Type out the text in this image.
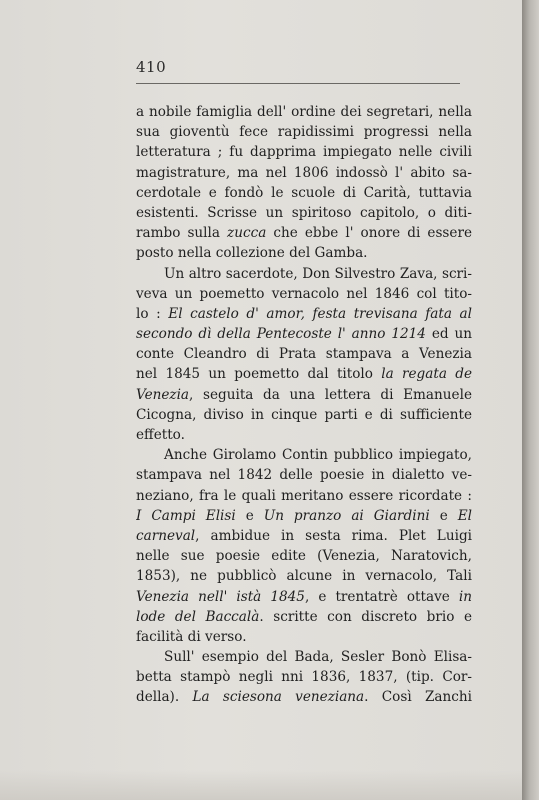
410
a nobile famiglia dell' ordine dei segretari, nella
sua gioventù fece rapidissimi progressi nella
letteratura ; fu dapprima impiegato nelle civili
magistrature, ma nel 1806 indossò l' abito sa-
cerdotale e fondò le scuole di Carità, tuttavia
esistenti. Scrisse un spiritoso capitolo, o diti-
rambo sulla zucca che ebbe l' onore di essere
posto nella collezione del Gamba.
Un altro sacerdote, Don Silvestro Zava, scri-
veva un poemetto vernacolo nel 1846 col tito-
lo : El castelo d' amor, festa trevisana fata al
secondo dì della Pentecoste l' anno 1214 ed un
conte Cleandro di Prata stampava a Venezia
nel 1845 un poemetto dal titolo la regata de
Venezia, seguita da una lettera di Emanuele
Cicogna, diviso in cinque parti e di sufficiente
effetto.
Anche Girolamo Contin pubblico impiegato,
stampava nel 1842 delle poesie in dialetto ve-
neziano, fra le quali meritano essere ricordate :
I Campi Elisi e Un pranzo ai Giardini e El
carneval, ambidue in sesta rima. Plet Luigi
nelle sue poesie edite (Venezia, Naratovich,
1853), ne pubblicò alcune in vernacolo, Tali
Venezia nell' istà 1845, e trentatrè ottave in
lode del Baccalà. scritte con discreto brio e
facilità di verso.
Sull' esempio del Bada, Sesler Bonò Elisa-
betta stampò negli nni 1836, 1837, (tip. Cor-
della). La sciesona veneziana. Così Zanchi
